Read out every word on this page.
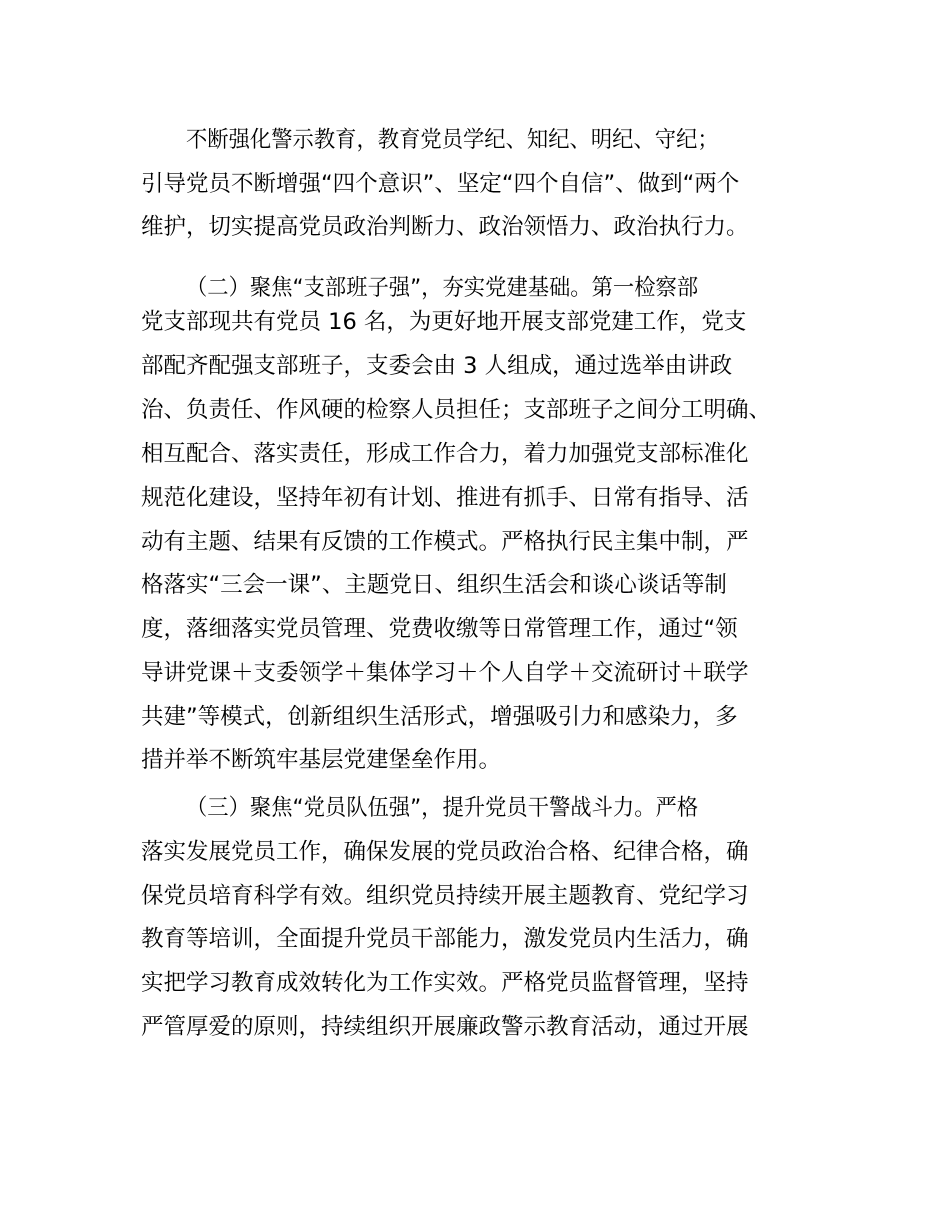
不断强化警示教育，教育党员学纪、知纪、明纪、守纪；
引导党员不断增强“四个意识”、坚定“四个自信”、做到“两个
维护，切实提高党员政治判断力、政治领悟力、政治执行力。
（二）聚焦“支部班子强”，夯实党建基础。第一检察部
党支部现共有党员 16 名，为更好地开展支部党建工作，党支
部配齐配强支部班子，支委会由 3 人组成，通过选举由讲政
治、负责任、作风硬的检察人员担任；支部班子之间分工明确、
相互配合、落实责任，形成工作合力，着力加强党支部标准化
规范化建设，坚持年初有计划、推进有抓手、日常有指导、活
动有主题、结果有反馈的工作模式。严格执行民主集中制，严
格落实“三会一课”、主题党日、组织生活会和谈心谈话等制
度，落细落实党员管理、党费收缴等日常管理工作，通过“领
导讲党课＋支委领学＋集体学习＋个人自学＋交流研讨＋联学
共建”等模式，创新组织生活形式，增强吸引力和感染力，多
措并举不断筑牢基层党建堡垒作用。
（三）聚焦“党员队伍强”，提升党员干警战斗力。严格
落实发展党员工作，确保发展的党员政治合格、纪律合格，确
保党员培育科学有效。组织党员持续开展主题教育、党纪学习
教育等培训，全面提升党员干部能力，激发党员内生活力，确
实把学习教育成效转化为工作实效。严格党员监督管理，坚持
严管厚爱的原则，持续组织开展廉政警示教育活动，通过开展
